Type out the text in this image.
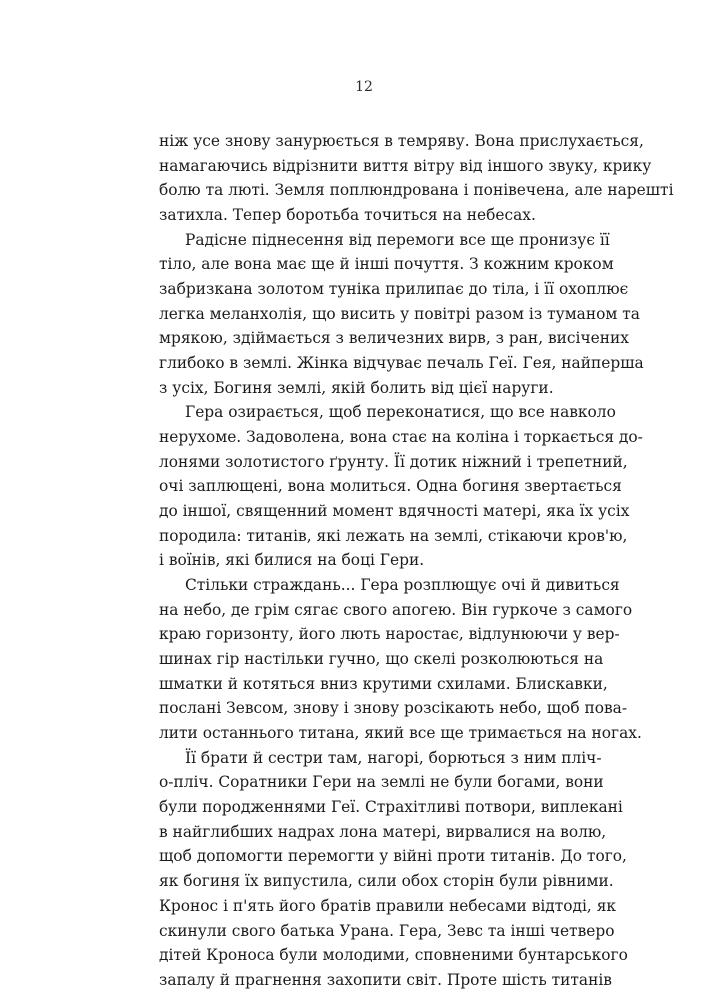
12
ніж усе знову занурюється в темряву. Вона прислухається,
намагаючись відрізнити виття вітру від іншого звуку, крику
болю та люті. Земля поплюндрована і понівечена, але нарешті
затихла. Тепер боротьба точиться на небесах.
Радісне піднесення від перемоги все ще пронизує її
тіло, але вона має ще й інші почуття. З кожним кроком
забризкана золотом туніка прилипає до тіла, і її охоплює
легка меланхолія, що висить у повітрі разом із туманом та
мрякою, здіймається з величезних вирв, з ран, висічених
глибоко в землі. Жінка відчуває печаль Геї. Гея, найперша
з усіх, Богиня землі, якій болить від цієї наруги.
Гера озирається, щоб переконатися, що все навколо
нерухоме. Задоволена, вона стає на коліна і торкається до-
лонями золотистого ґрунту. Її дотик ніжний і трепетний,
очі заплющені, вона молиться. Одна богиня звертається
до іншої, священний момент вдячності матері, яка їх усіх
породила: титанів, які лежать на землі, стікаючи кров'ю,
і воїнів, які билися на боці Гери.
Стільки страждань... Гера розплющує очі й дивиться
на небо, де грім сягає свого апогею. Він гуркоче з самого
краю горизонту, його лють наростає, відлунюючи у вер-
шинах гір настільки гучно, що скелі розколюються на
шматки й котяться вниз крутими схилами. Блискавки,
послані Зевсом, знову і знову розсікають небо, щоб пова-
лити останнього титана, який все ще тримається на ногах.
Її брати й сестри там, нагорі, борються з ним пліч-
о-пліч. Соратники Гери на землі не були богами, вони
були породженнями Геї. Страхітливі потвори, виплекані
в найглибших надрах лона матері, вирвалися на волю,
щоб допомогти перемогти у війні проти титанів. До того,
як богиня їх випустила, сили обох сторін були рівними.
Кронос і п'ять його братів правили небесами відтоді, як
скинули свого батька Урана. Гера, Зевс та інші четверо
дітей Кроноса були молодими, сповненими бунтарського
запалу й прагнення захопити світ. Проте шість титанів
